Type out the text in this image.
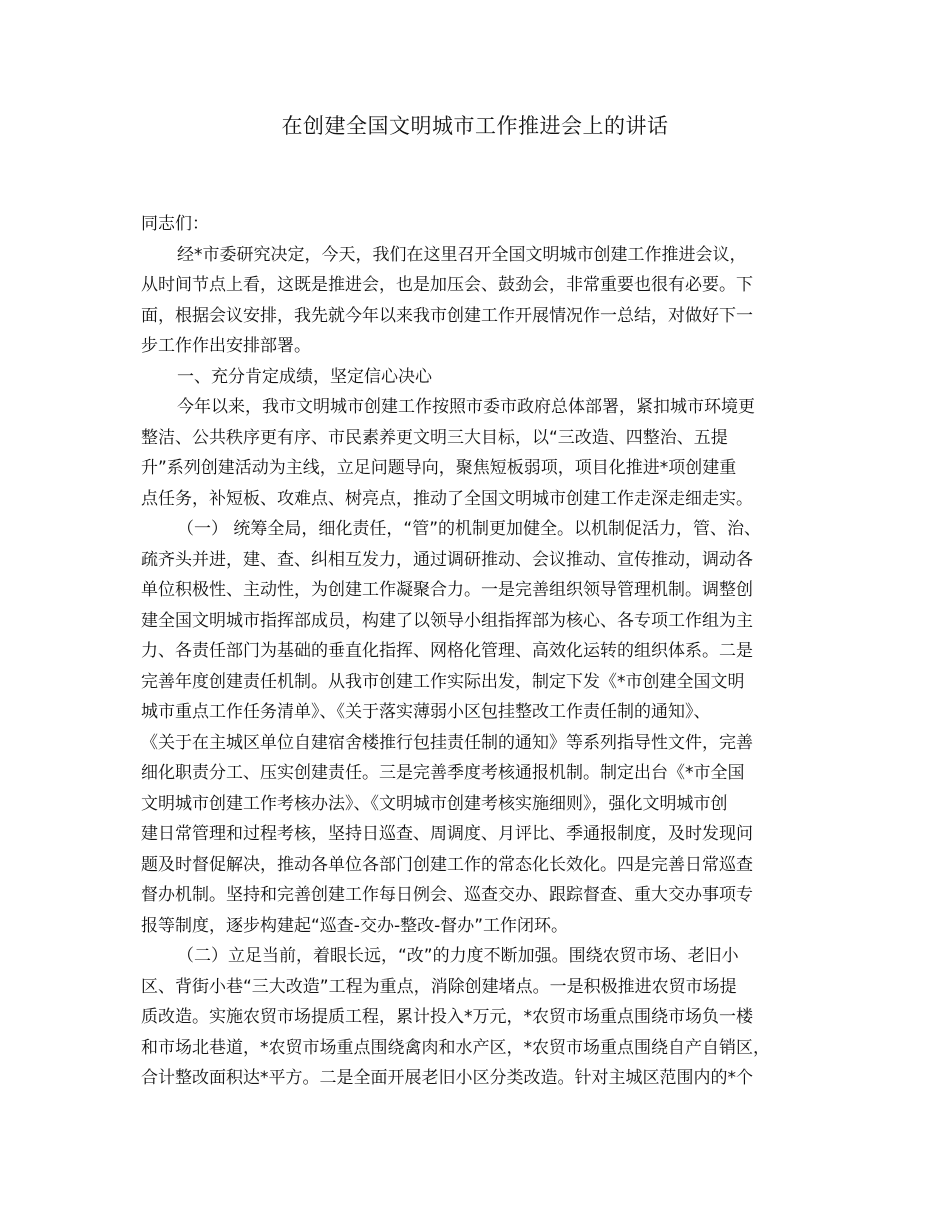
在创建全国文明城市工作推进会上的讲话
同志们：
经*市委研究决定，今天，我们在这里召开全国文明城市创建工作推进会议，
从时间节点上看，这既是推进会，也是加压会、鼓劲会，非常重要也很有必要。下
面，根据会议安排，我先就今年以来我市创建工作开展情况作一总结，对做好下一
步工作作出安排部署。
一、充分肯定成绩，坚定信心决心
今年以来，我市文明城市创建工作按照市委市政府总体部署，紧扣城市环境更
整洁、公共秩序更有序、市民素养更文明三大目标，以“三改造、四整治、五提
升”系列创建活动为主线，立足问题导向，聚焦短板弱项，项目化推进*项创建重
点任务，补短板、攻难点、树亮点，推动了全国文明城市创建工作走深走细走实。
（一） 统筹全局，细化责任，“管”的机制更加健全。以机制促活力，管、治、
疏齐头并进，建、查、纠相互发力，通过调研推动、会议推动、宣传推动，调动各
单位积极性、主动性，为创建工作凝聚合力。一是完善组织领导管理机制。调整创
建全国文明城市指挥部成员，构建了以领导小组指挥部为核心、各专项工作组为主
力、各责任部门为基础的垂直化指挥、网格化管理、高效化运转的组织体系。二是
完善年度创建责任机制。从我市创建工作实际出发，制定下发《*市创建全国文明
城市重点工作任务清单》、《关于落实薄弱小区包挂整改工作责任制的通知》、
《关于在主城区单位自建宿舍楼推行包挂责任制的通知》等系列指导性文件，完善
细化职责分工、压实创建责任。三是完善季度考核通报机制。制定出台《*市全国
文明城市创建工作考核办法》、《文明城市创建考核实施细则》，强化文明城市创
建日常管理和过程考核，坚持日巡查、周调度、月评比、季通报制度，及时发现问
题及时督促解决，推动各单位各部门创建工作的常态化长效化。四是完善日常巡查
督办机制。坚持和完善创建工作每日例会、巡查交办、跟踪督查、重大交办事项专
报等制度，逐步构建起“巡查-交办-整改-督办”工作闭环。
（二）立足当前，着眼长远，“改”的力度不断加强。围绕农贸市场、老旧小
区、背街小巷“三大改造”工程为重点，消除创建堵点。一是积极推进农贸市场提
质改造。实施农贸市场提质工程，累计投入*万元，*农贸市场重点围绕市场负一楼
和市场北巷道，*农贸市场重点围绕禽肉和水产区，*农贸市场重点围绕自产自销区，
合计整改面积达*平方。二是全面开展老旧小区分类改造。针对主城区范围内的*个
